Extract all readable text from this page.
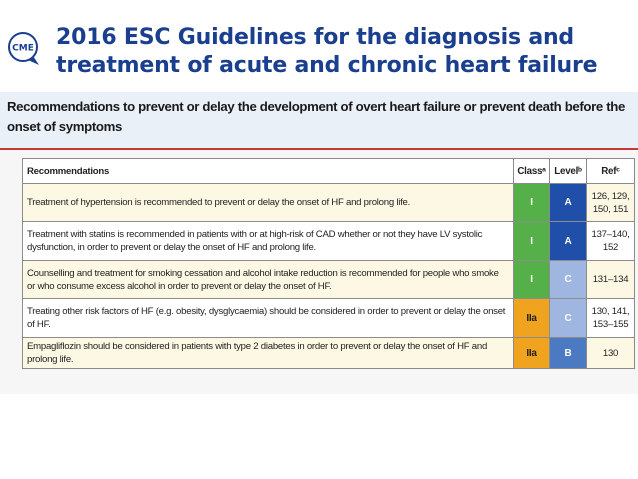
CME 2016 ESC Guidelines for the diagnosis and
treatment of acute and chronic heart failure

Recommendations to prevent or delay the development of overt heart failure or prevent death before the onset of symptoms

Recommendations	Classᵃ	Levelᵇ	Refᶜ
Treatment of hypertension is recommended to prevent or delay the onset of HF and prolong life.	I	A	126, 129,
150, 151
Treatment with statins is recommended in patients with or at high-risk of CAD whether or not they have LV systolic dysfunction, in order to prevent or delay the onset of HF and prolong life.	I	A	137–140,
152
Counselling and treatment for smoking cessation and alcohol intake reduction is recommended for people who smoke or who consume excess alcohol in order to prevent or delay the onset of HF.	I	C	131–134
Treating other risk factors of HF (e.g. obesity, dysglycaemia) should be considered in order to prevent or delay the onset of HF.	IIa	C	130, 141,
153–155
Empagliflozin should be considered in patients with type 2 diabetes in order to prevent or delay the onset of HF and prolong life.	IIa	B	130
